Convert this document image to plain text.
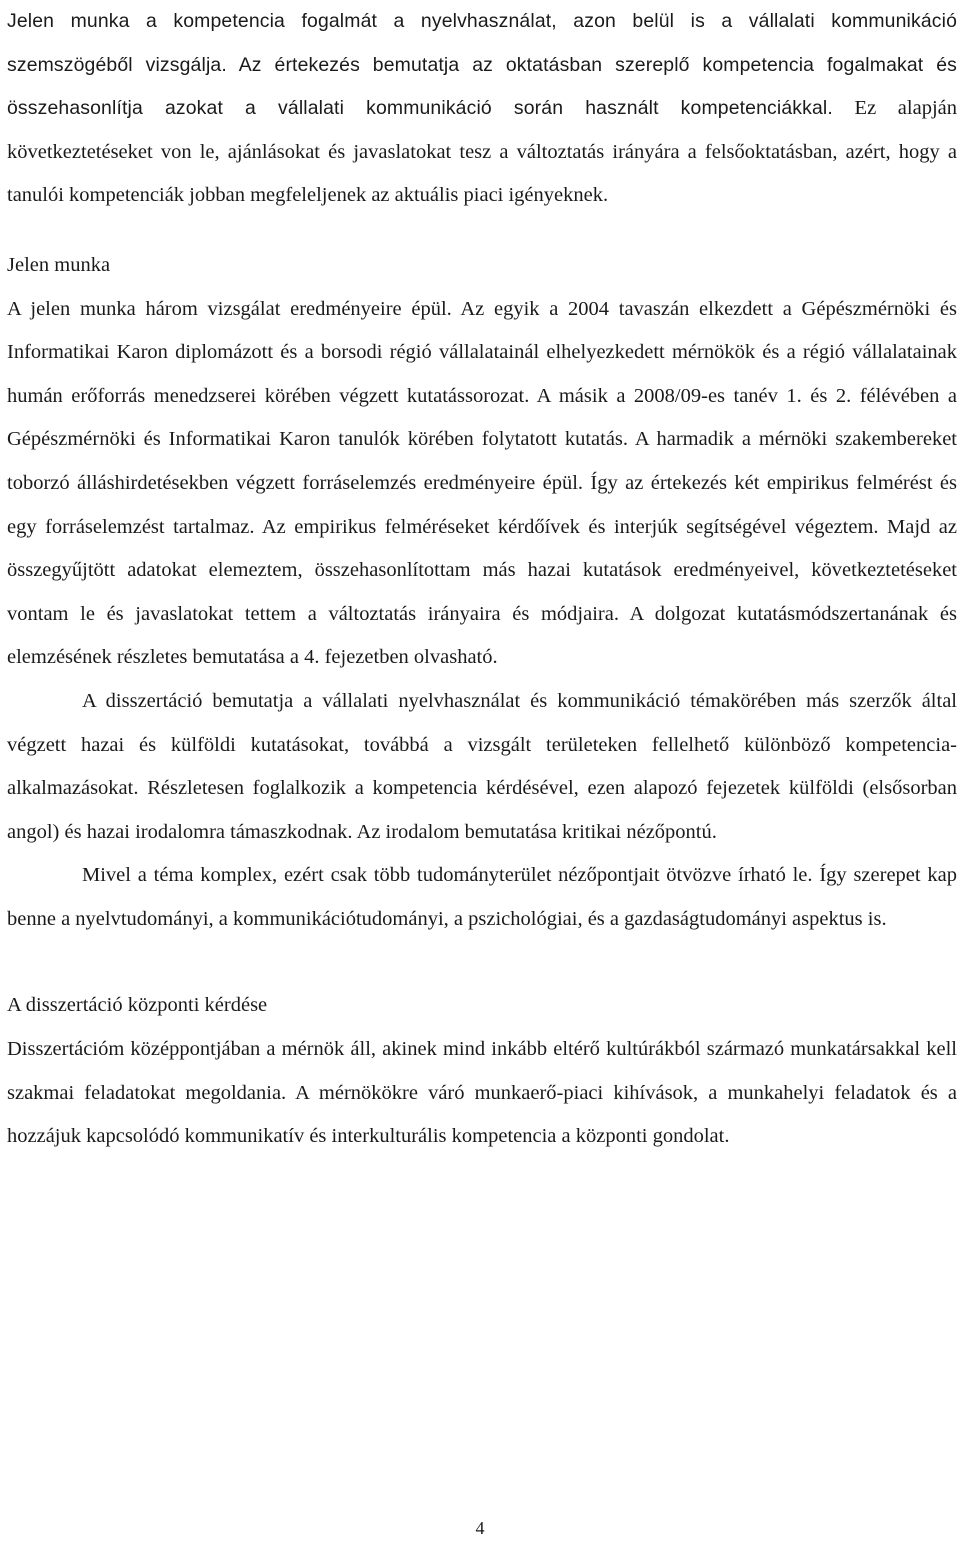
Jelen munka a kompetencia fogalmát a nyelvhasználat, azon belül is a vállalati kommunikáció szemszögéből vizsgálja. Az értekezés bemutatja az oktatásban szereplő kompetencia fogalmakat és összehasonlítja azokat a vállalati kommunikáció során használt kompetenciákkal. Ez alapján következtetéseket von le, ajánlásokat és javaslatokat tesz a változtatás irányára a felsőoktatásban, azért, hogy a tanulói kompetenciák jobban megfeleljenek az aktuális piaci igényeknek.

Jelen munka

A jelen munka három vizsgálat eredményeire épül. Az egyik a 2004 tavaszán elkezdett a Gépészmérnöki és Informatikai Karon diplomázott és a borsodi régió vállalatainál elhelyezkedett mérnökök és a régió vállalatainak humán erőforrás menedzserei körében végzett kutatássorozat. A másik a 2008/09-es tanév 1. és 2. félévében a Gépészmérnöki és Informatikai Karon tanulók körében folytatott kutatás. A harmadik a mérnöki szakembereket toborzó álláshirdetésekben végzett forráselemzés eredményeire épül. Így az értekezés két empirikus felmérést és egy forráselemzést tartalmaz. Az empirikus felméréseket kérdőívek és interjúk segítségével végeztem. Majd az összegyűjtött adatokat elemeztem, összehasonlítottam más hazai kutatások eredményeivel, következtetéseket vontam le és javaslatokat tettem a változtatás irányaira és módjaira. A dolgozat kutatásmódszertanának és elemzésének részletes bemutatása a 4. fejezetben olvasható.

A disszertáció bemutatja a vállalati nyelvhasználat és kommunikáció témakörében más szerzők által végzett hazai és külföldi kutatásokat, továbbá a vizsgált területeken fellelhető különböző kompetencia-alkalmazásokat. Részletesen foglalkozik a kompetencia kérdésével, ezen alapozó fejezetek külföldi (elsősorban angol) és hazai irodalomra támaszkodnak. Az irodalom bemutatása kritikai nézőpontú.

Mivel a téma komplex, ezért csak több tudományterület nézőpontjait ötvözve írható le. Így szerepet kap benne a nyelvtudományi, a kommunikációtudományi, a pszichológiai, és a gazdaságtudományi aspektus is.

A disszertáció központi kérdése

Disszertációm középpontjában a mérnök áll, akinek mind inkább eltérő kultúrákból származó munkatársakkal kell szakmai feladatokat megoldania. A mérnökökre váró munkaerő-piaci kihívások, a munkahelyi feladatok és a hozzájuk kapcsolódó kommunikatív és interkulturális kompetencia a központi gondolat.

4
